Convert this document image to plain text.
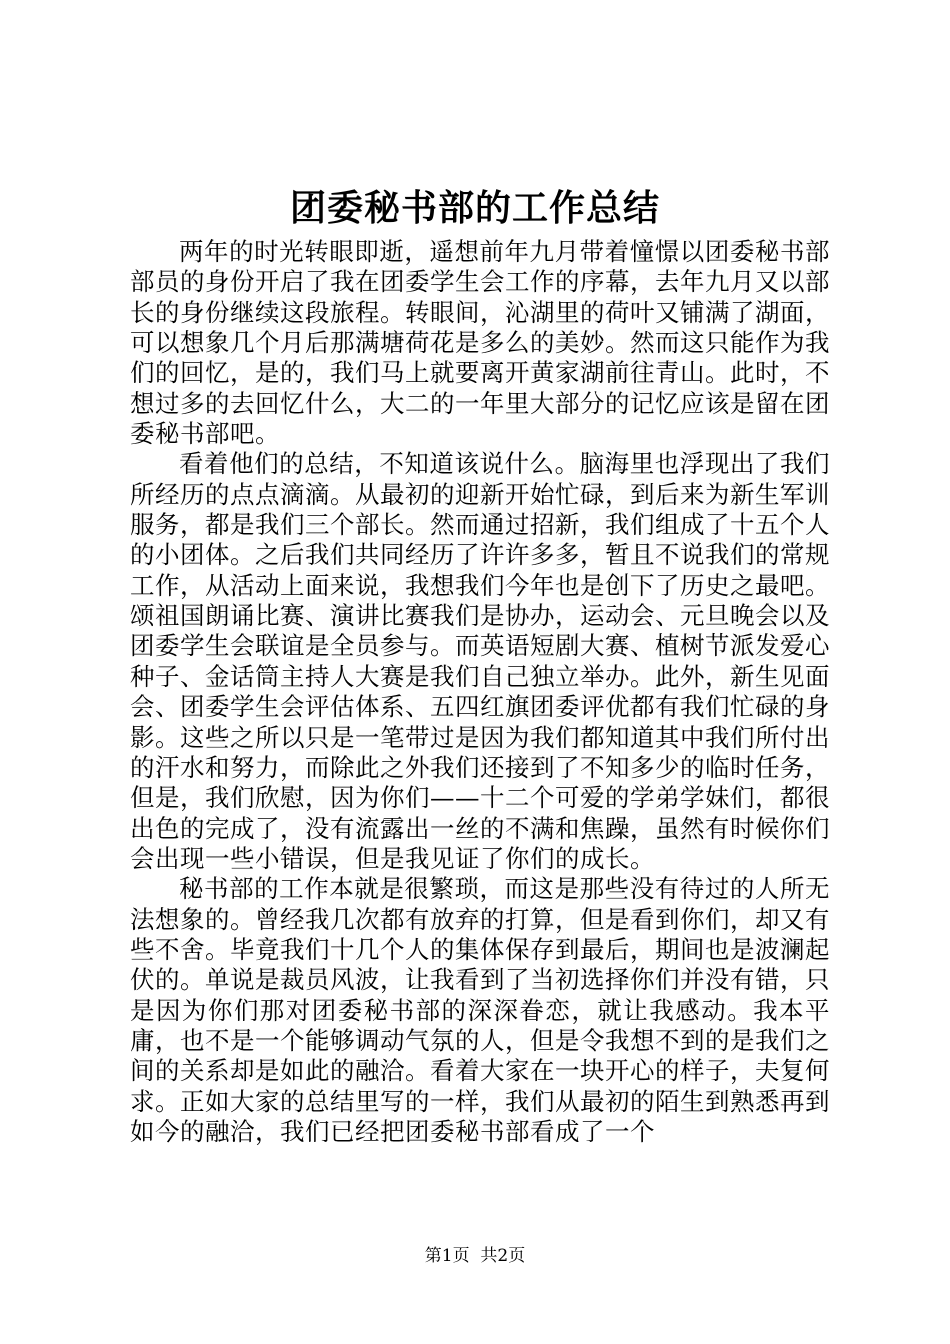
团委秘书部的工作总结

两年的时光转眼即逝，遥想前年九月带着憧憬以团委秘书部部员的身份开启了我在团委学生会工作的序幕，去年九月又以部长的身份继续这段旅程。转眼间，沁湖里的荷叶又铺满了湖面，可以想象几个月后那满塘荷花是多么的美妙。然而这只能作为我们的回忆，是的，我们马上就要离开黄家湖前往青山。此时，不想过多的去回忆什么，大二的一年里大部分的记忆应该是留在团委秘书部吧。

看着他们的总结，不知道该说什么。脑海里也浮现出了我们所经历的点点滴滴。从最初的迎新开始忙碌，到后来为新生军训服务，都是我们三个部长。然而通过招新，我们组成了十五个人的小团体。之后我们共同经历了许许多多，暂且不说我们的常规工作，从活动上面来说，我想我们今年也是创下了历史之最吧。颂祖国朗诵比赛、演讲比赛我们是协办，运动会、元旦晚会以及团委学生会联谊是全员参与。而英语短剧大赛、植树节派发爱心种子、金话筒主持人大赛是我们自己独立举办。此外，新生见面会、团委学生会评估体系、五四红旗团委评优都有我们忙碌的身影。这些之所以只是一笔带过是因为我们都知道其中我们所付出的汗水和努力，而除此之外我们还接到了不知多少的临时任务，但是，我们欣慰，因为你们——十二个可爱的学弟学妹们，都很出色的完成了，没有流露出一丝的不满和焦躁，虽然有时候你们会出现一些小错误，但是我见证了你们的成长。

秘书部的工作本就是很繁琐，而这是那些没有待过的人所无法想象的。曾经我几次都有放弃的打算，但是看到你们，却又有些不舍。毕竟我们十几个人的集体保存到最后，期间也是波澜起伏的。单说是裁员风波，让我看到了当初选择你们并没有错，只是因为你们那对团委秘书部的深深眷恋，就让我感动。我本平庸，也不是一个能够调动气氛的人，但是令我想不到的是我们之间的关系却是如此的融洽。看着大家在一块开心的样子，夫复何求。正如大家的总结里写的一样，我们从最初的陌生到熟悉再到如今的融洽，我们已经把团委秘书部看成了一个

第1页  共2页
